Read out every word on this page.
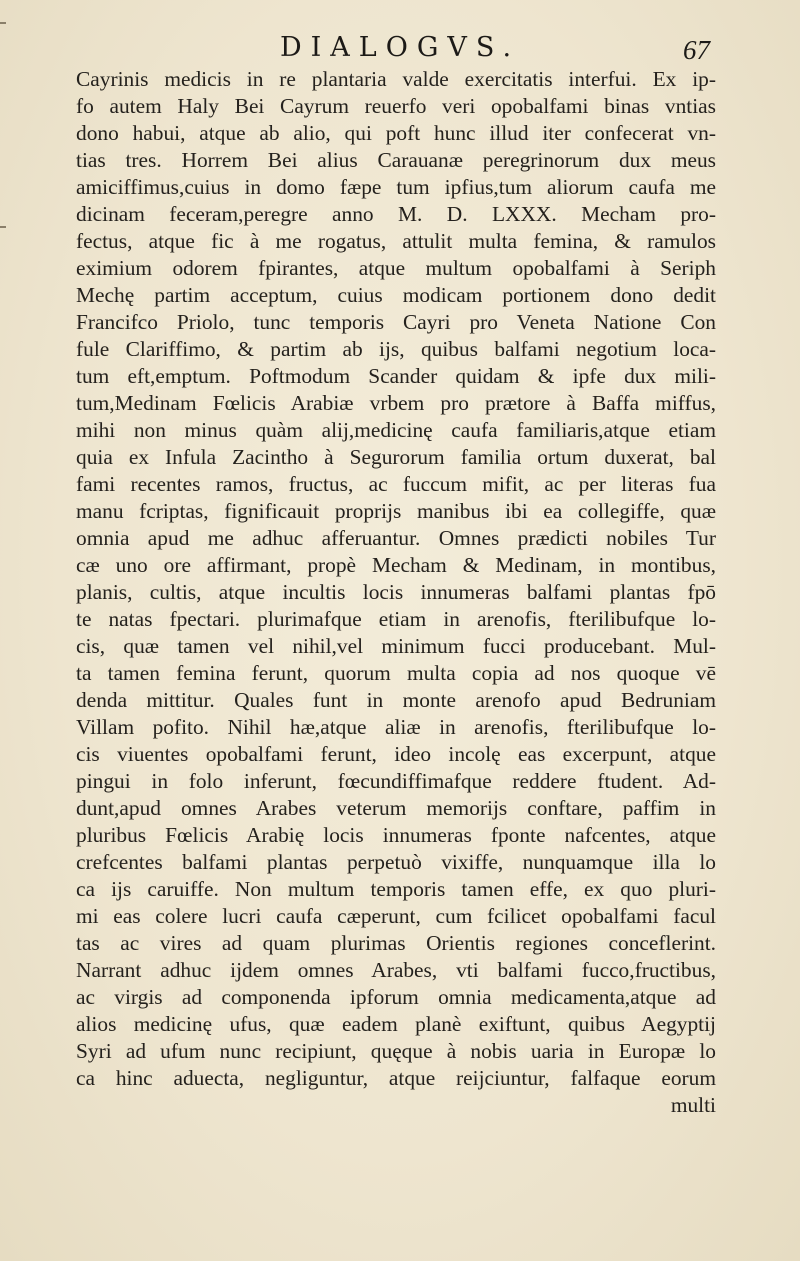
DIALOGVS.	67
Cayrinis medicis in re plantaria valde exercitatis interfui. Ex ip-
fo autem Haly Bei Cayrum reuerfo veri opobalfami binas vntias
dono habui, atque ab alio, qui poft hunc illud iter confecerat vn-
tias tres. Horrem Bei alius Carauanæ peregrinorum dux meus
amiciffimus,cuius in domo fæpe tum ipfius,tum aliorum caufa me
dicinam feceram,peregre anno M. D. LXXX. Mecham pro-
fectus, atque fic à me rogatus, attulit multa femina, & ramulos
eximium odorem fpirantes, atque multum opobalfami à Seriph
Mechę partim acceptum, cuius modicam portionem dono dedit
Francifco Priolo, tunc temporis Cayri pro Veneta Natione Con
fule Clariffimo, & partim ab ijs, quibus balfami negotium loca-
tum eft,emptum. Poftmodum Scander quidam & ipfe dux mili-
tum,Medinam Fœlicis Arabiæ vrbem pro prætore à Baffa miffus,
mihi non minus quàm alij,medicinę caufa familiaris,atque etiam
quia ex Infula Zacintho à Segurorum familia ortum duxerat, bal
fami recentes ramos, fructus, ac fuccum mifit, ac per literas fua
manu fcriptas, fignificauit proprijs manibus ibi ea collegiffe, quæ
omnia apud me adhuc afferuantur. Omnes prædicti nobiles Tur
cæ uno ore affirmant, propè Mecham & Medinam, in montibus,
planis, cultis, atque incultis locis innumeras balfami plantas fpō
te natas fpectari. plurimafque etiam in arenofis, fterilibufque lo-
cis, quæ tamen vel nihil,vel minimum fucci producebant. Mul-
ta tamen femina ferunt, quorum multa copia ad nos quoque vē
denda mittitur. Quales funt in monte arenofo apud Bedruniam
Villam pofito. Nihil hæ,atque aliæ in arenofis, fterilibufque lo-
cis viuentes opobalfami ferunt, ideo incolę eas excerpunt, atque
pingui in folo inferunt, fœcundiffimafque reddere ftudent. Ad-
dunt,apud omnes Arabes veterum memorijs conftare, paffim in
pluribus Fœlicis Arabię locis innumeras fponte nafcentes, atque
crefcentes balfami plantas perpetuò vixiffe, nunquamque illa lo
ca ijs caruiffe. Non multum temporis tamen effe, ex quo pluri-
mi eas colere lucri caufa cæperunt, cum fcilicet opobalfami facul
tas ac vires ad quam plurimas Orientis regiones conceflerint.
Narrant adhuc ijdem omnes Arabes, vti balfami fucco,fructibus,
ac virgis ad componenda ipforum omnia medicamenta,atque ad
alios medicinę ufus, quæ eadem planè exiftunt, quibus Aegyptij
Syri ad ufum nunc recipiunt, quęque à nobis uaria in Europæ lo
ca hinc aduecta, negliguntur, atque reijciuntur, falfaque eorum
multi
